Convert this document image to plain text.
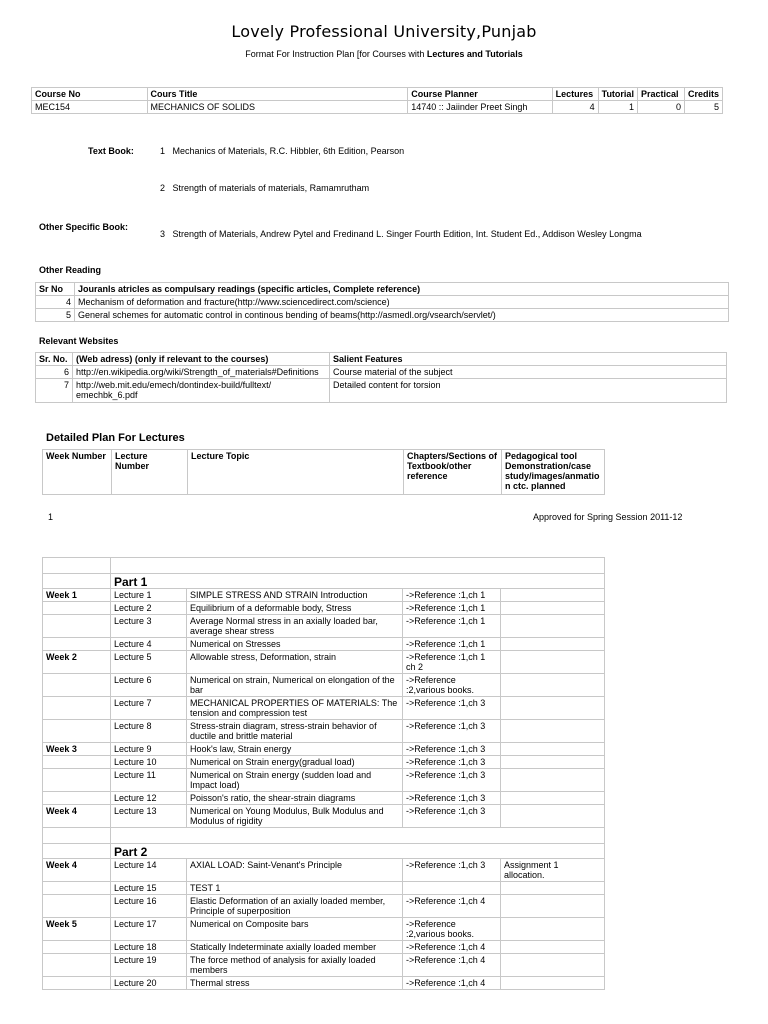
Lovely Professional University,Punjab
Format For Instruction Plan [for Courses with Lectures and Tutorials
Course No	Cours Title	Course Planner	Lectures	Tutorial	Practical	Credits
MEC154	MECHANICS OF SOLIDS	14740 :: Jaiinder Preet Singh	4	1	0	5
Text Book:	1 Mechanics of Materials, R.C. Hibbler, 6th Edition, Pearson
2 Strength of materials of materials, Ramamrutham
Other Specific Book:
3 Strength of Materials, Andrew Pytel and Fredinand L. Singer Fourth Edition, Int. Student Ed., Addison Wesley Longma
Other Reading
Sr No	Jouranls atricles as compulsary readings (specific articles, Complete reference)
4	Mechanism of deformation and fracture(http://www.sciencedirect.com/science)
5	General schemes for automatic control in continous bending of beams(http://asmedl.org/vsearch/servlet/)
Relevant Websites
Sr. No.	(Web adress) (only if relevant to the courses)	Salient Features
6	http://en.wikipedia.org/wiki/Strength_of_materials#Definitions	Course material of the subject
7	http://web.mit.edu/emech/dontindex-build/fulltext/ emechbk_6.pdf	Detailed content for torsion
Detailed Plan For Lectures
Week Number	Lecture Number	Lecture Topic	Chapters/Sections of Textbook/other reference	Pedagogical tool Demonstration/case study/images/anmatio n ctc. planned
1	Approved for Spring Session 2011-12

	Part 1			
Week 1	Lecture 1	SIMPLE STRESS AND STRAIN Introduction	->Reference :1,ch 1	
	Lecture 2	Equilibrium of a deformable body, Stress	->Reference :1,ch 1	
	Lecture 3	Average Normal stress in an axially loaded bar, average shear stress	->Reference :1,ch 1	
	Lecture 4	Numerical on Stresses	->Reference :1,ch 1	
Week 2	Lecture 5	Allowable stress, Deformation, strain	->Reference :1,ch 1 ch 2	
	Lecture 6	Numerical on strain, Numerical on elongation of the bar	->Reference :2,various books.	
	Lecture 7	MECHANICAL PROPERTIES OF MATERIALS: The tension and compression test	->Reference :1,ch 3	
	Lecture 8	Stress-strain diagram, stress-strain behavior of ductile and brittle material	->Reference :1,ch 3	
Week 3	Lecture 9	Hook's law, Strain energy	->Reference :1,ch 3	
	Lecture 10	Numerical on Strain energy(gradual load)	->Reference :1,ch 3	
	Lecture 11	Numerical on Strain energy (sudden load and Impact load)	->Reference :1,ch 3	
	Lecture 12	Poisson's ratio, the shear-strain diagrams	->Reference :1,ch 3	
Week 4	Lecture 13	Numerical on Young Modulus, Bulk Modulus and Modulus of rigidity	->Reference :1,ch 3	

	Part 2			
Week 4	Lecture 14	AXIAL LOAD: Saint-Venant's Principle	->Reference :1,ch 3	Assignment 1 allocation.
	Lecture 15	TEST 1		
	Lecture 16	Elastic Deformation of an axially loaded member, Principle of superposition	->Reference :1,ch 4	
Week 5	Lecture 17	Numerical on Composite bars	->Reference :2,various books.	
	Lecture 18	Statically Indeterminate axially loaded member	->Reference :1,ch 4	
	Lecture 19	The force method of analysis for axially loaded members	->Reference :1,ch 4	
	Lecture 20	Thermal stress	->Reference :1,ch 4	
